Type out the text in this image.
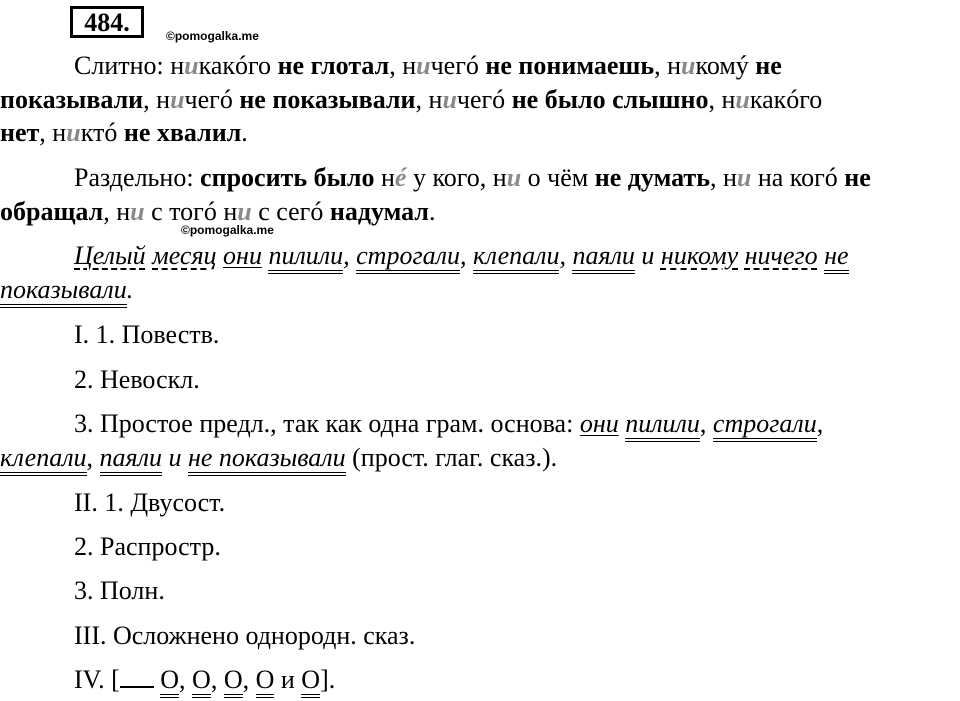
484.	©pomogalka.me
Слитно: никакóго не глотал, ничегó не понимаешь, никомý не
показывали, ничегó не показывали, ничегó не было слышно, никакóго
нет, никтó не хвалил.
Раздельно: спросить было нé у кого, ни о чём не думать, ни на когó не
обращал, ни с тогó ни с сегó надумал.
©pomogalka.me
Целый месяц они пилили, строгали, клепали, паяли и никому ничего не
показывали.
I. 1. Повеств.
2. Невоскл.
3. Простое предл., так как одна грам. основа: они пилили, строгали,
клепали, паяли и не показывали (прост. глаг. сказ.).
II. 1. Двусост.
2. Распростр.
3. Полн.
III. Осложнено однородн. сказ.
IV. [ O, O, O, O и O].
